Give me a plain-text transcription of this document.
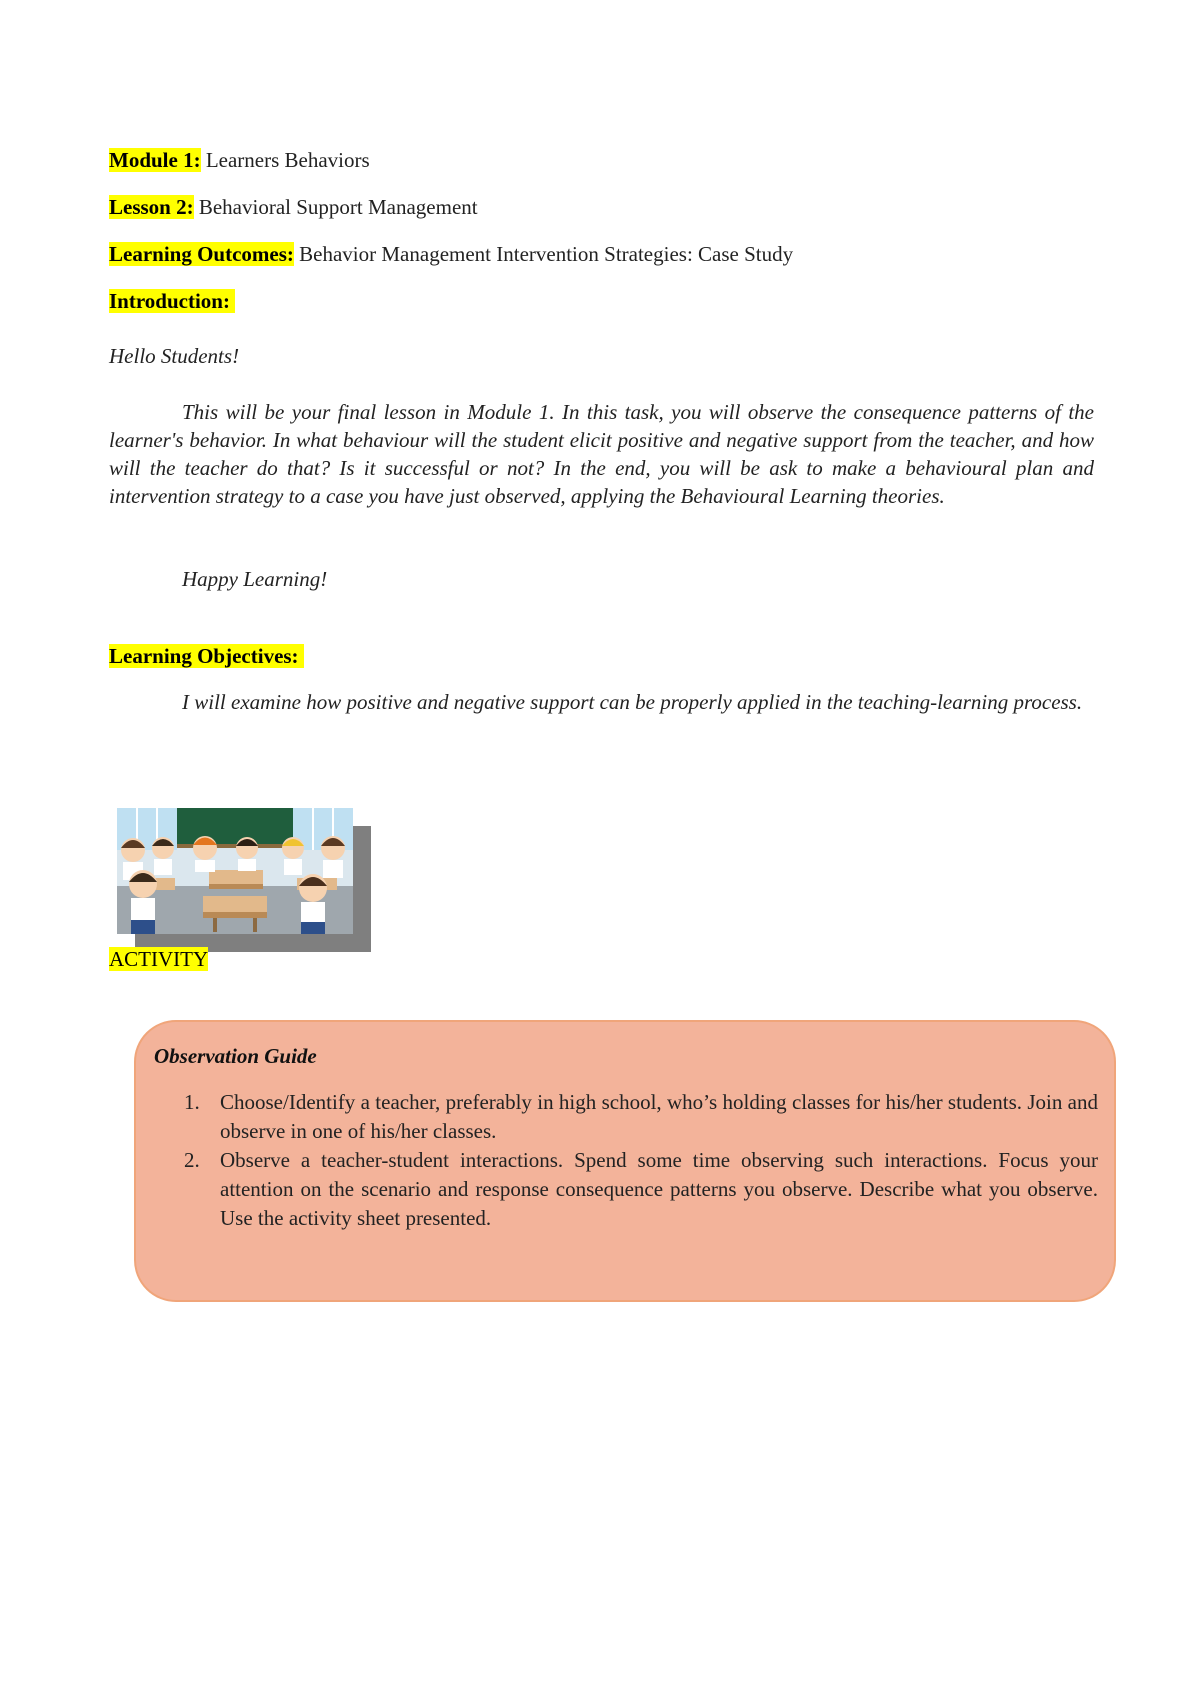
Module 1: Learners Behaviors
Lesson 2: Behavioral Support Management
Learning Outcomes: Behavior Management Intervention Strategies: Case Study
Introduction:

Hello Students!

This will be your final lesson in Module 1. In this task, you will observe the consequence patterns of the learner's behavior. In what behaviour will the student elicit positive and negative support from the teacher, and how will the teacher do that? Is it successful or not? In the end, you will be ask to make a behavioural plan and intervention strategy to a case you have just observed, applying the Behavioural Learning theories.

Happy Learning!

Learning Objectives:

I will examine how positive and negative support can be properly applied in the teaching-learning process.

ACTIVITY
Observation Guide
1. Choose/Identify a teacher, preferably in high school, who’s holding classes for his/her students. Join and observe in one of his/her classes.
2. Observe a teacher-student interactions. Spend some time observing such interactions. Focus your attention on the scenario and response consequence patterns you observe. Describe what you observe. Use the activity sheet presented.
